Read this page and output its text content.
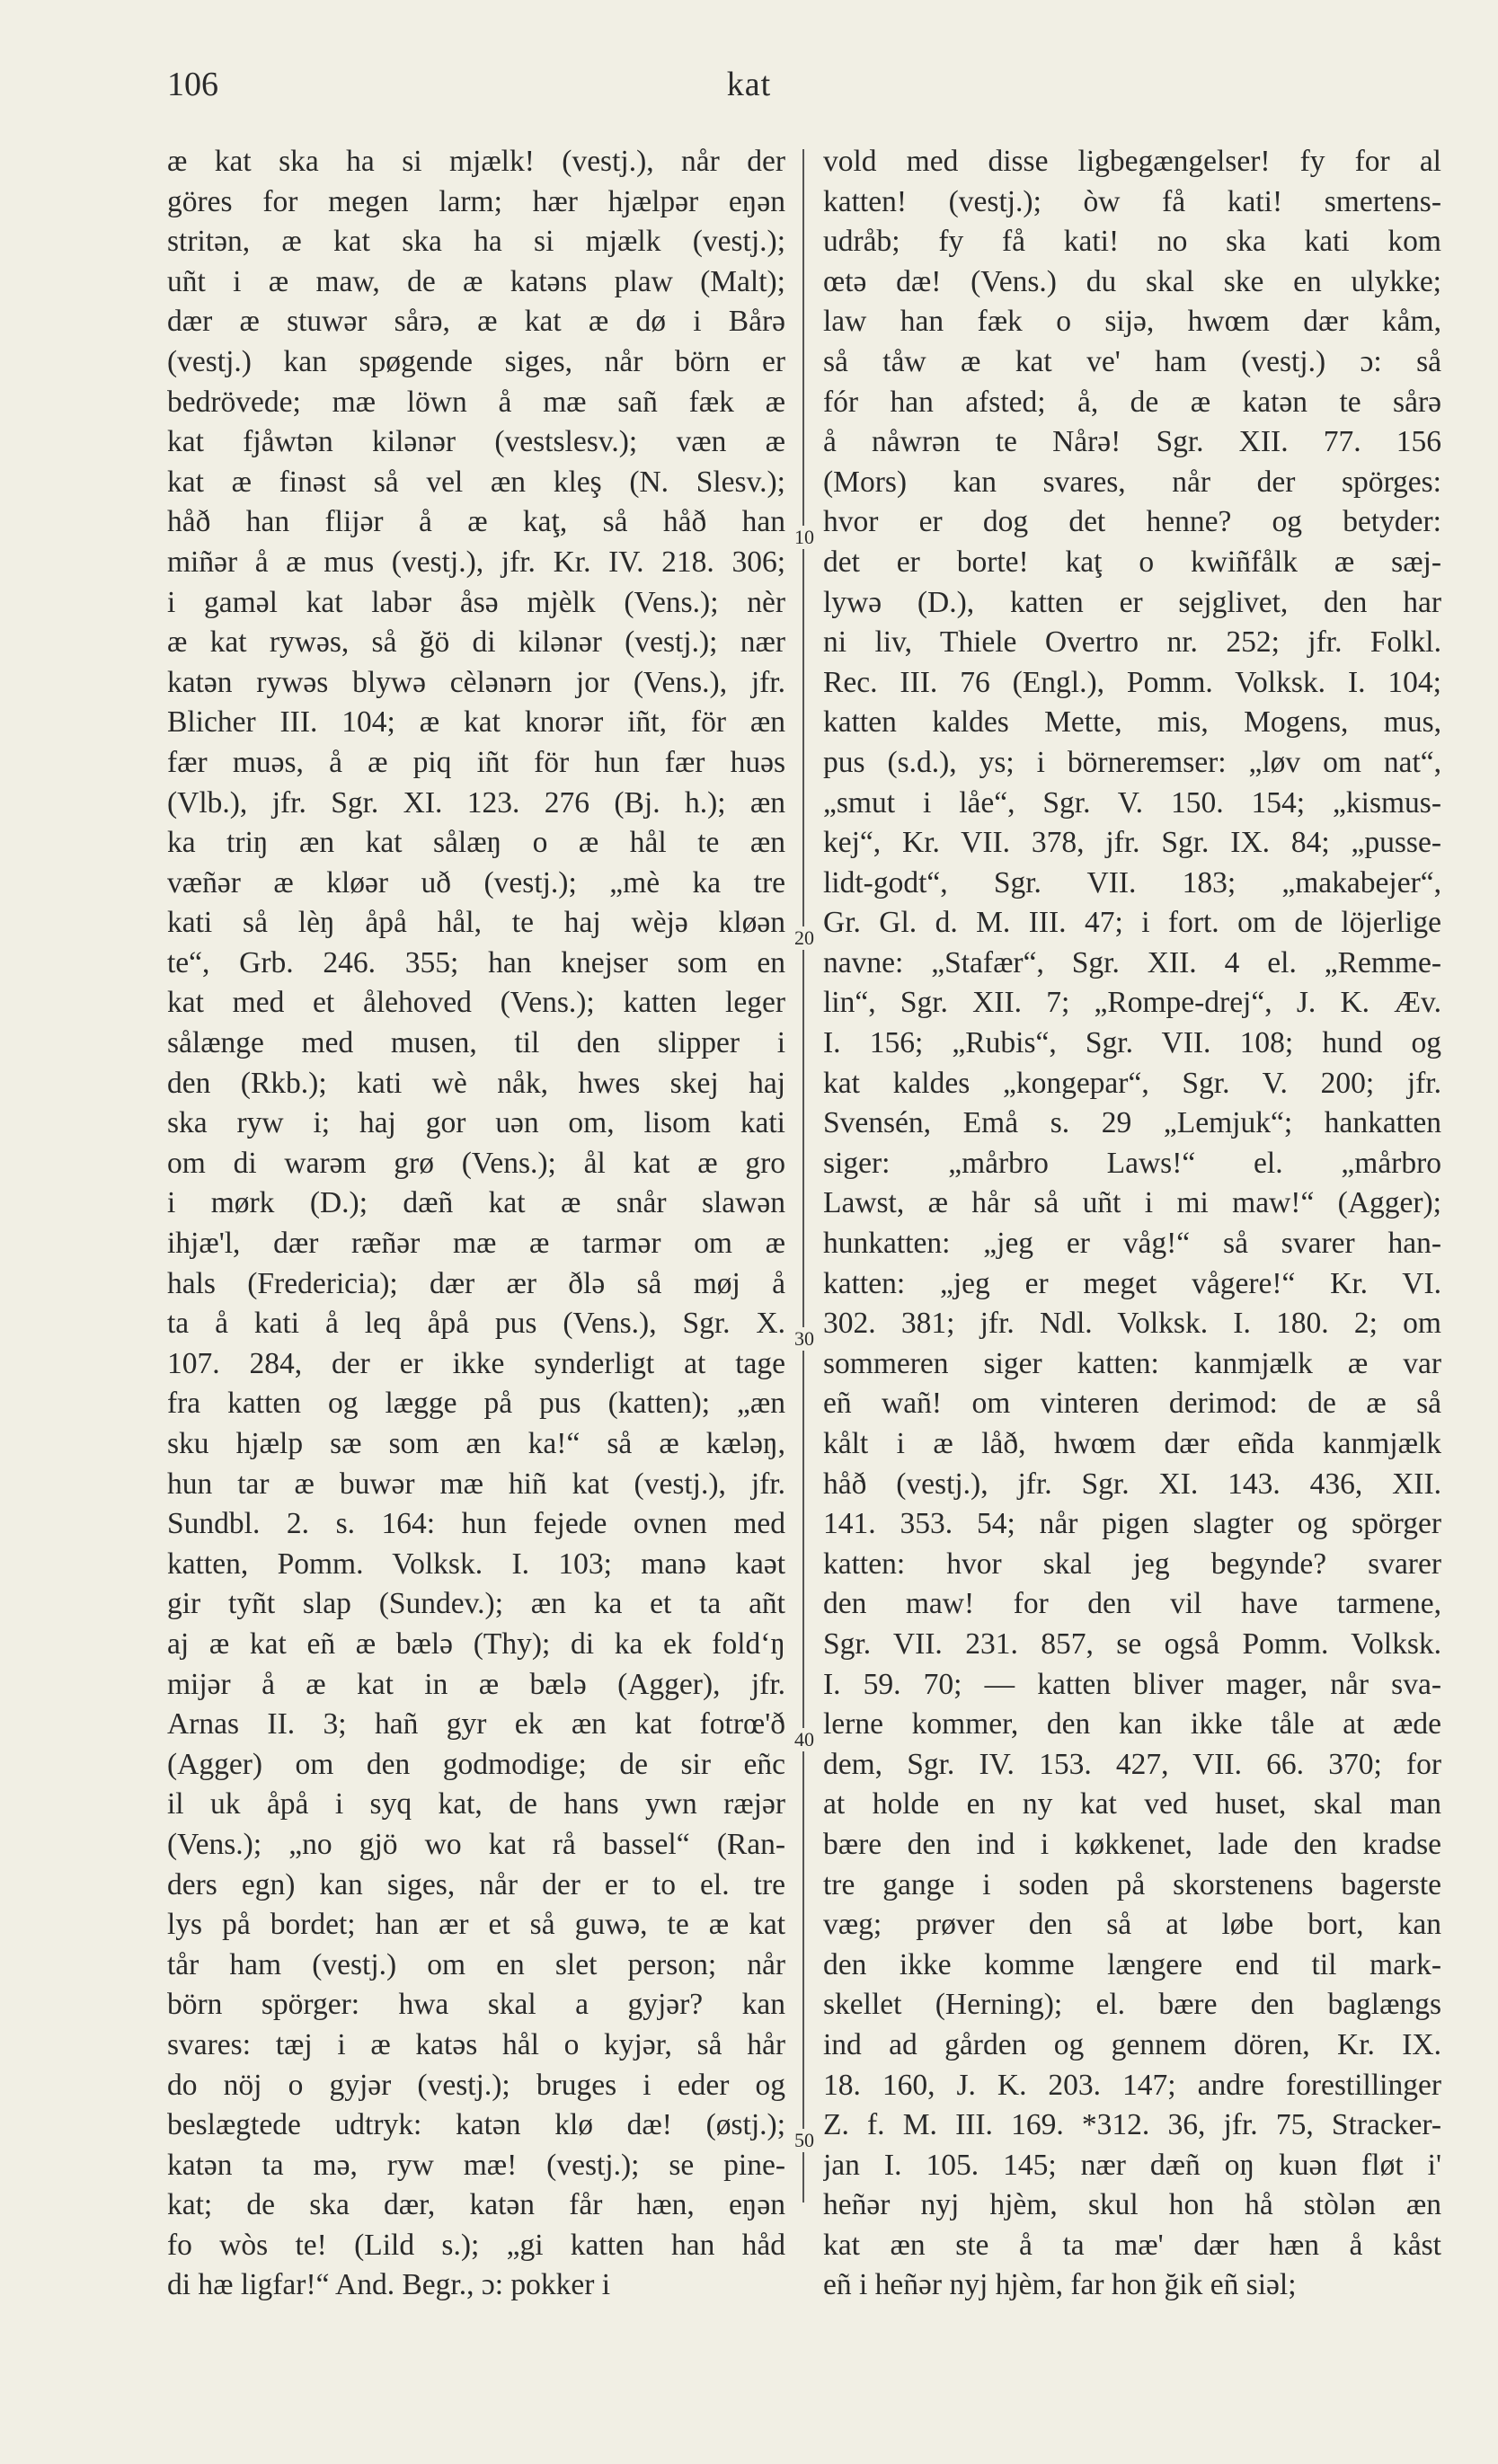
106	kat
æ kat ska ha si mjælk! (vestj.), når der
göres for megen larm; hær hjælpər eŋən
stritən, æ kat ska ha si mjælk (vestj.);
uñt i æ maw, de æ katəns plaw (Malt);
dær æ stuwər sårə, æ kat æ dø i Bårə
(vestj.) kan spøgende siges, når börn er
bedrövede; mæ löwn å mæ sañ fæk æ
kat fjåwtən kilənər (vestslesv.); væn æ
kat æ finəst så vel æn kleş (N. Slesv.);
håð han flijər å æ kaţ, så håð han
miñər å æ mus (vestj.), jfr. Kr. IV. 218. 306;
i gaməl kat labər åsə mjèlk (Vens.); nèr
æ kat rywəs, så ğö di kilənər (vestj.); nær
katən rywəs blywə cèlənərn jor (Vens.), jfr.
Blicher III. 104; æ kat knorər iñt, för æn
fær muəs, å æ piq iñt för hun fær huəs
(Vlb.), jfr. Sgr. XI. 123. 276 (Bj. h.); æn
ka triŋ æn kat sålæŋ o æ hål te æn
væñər æ kløər uð (vestj.); „mè ka tre
kati så lèŋ åpå hål, te haj wèjə kløən
te“, Grb. 246. 355; han knejser som en
kat med et ålehoved (Vens.); katten leger
sålænge med musen, til den slipper i
den (Rkb.); kati wè nåk, hwes skej haj
ska ryw i; haj gor uən om, lisom kati
om di warəm grø (Vens.); ål kat æ gro
i mørk (D.); dæñ kat æ snår slawən
ihjæ'l, dær ræñər mæ æ tarmər om æ
hals (Fredericia); dær ær ðlə så møj å
ta å kati å leq åpå pus (Vens.), Sgr. X.
107. 284, der er ikke synderligt at tage
fra katten og lægge på pus (katten); „æn
sku hjælp sæ som æn ka!“ så æ kæləŋ,
hun tar æ buwər mæ hiñ kat (vestj.), jfr.
Sundbl. 2. s. 164: hun fejede ovnen med
katten, Pomm. Volksk. I. 103; manə kaət
gir tyñt slap (Sundev.); æn ka et ta añt
aj æ kat eñ æ bælə (Thy); di ka ek foldʻŋ
mijər å æ kat in æ bælə (Agger), jfr.
Arnas II. 3; hañ gyr ek æn kat fotrœ'ð
(Agger) om den godmodige; de sir eñc
il uk åpå i syq kat, de hans ywn ræjər
(Vens.); „no gjö wo kat rå bassel“ (Ran-
ders egn) kan siges, når der er to el. tre
lys på bordet; han ær et så guwə, te æ kat
tår ham (vestj.) om en slet person; når
börn spörger: hwa skal a gyjər? kan
svares: tæj i æ katəs hål o kyjər, så hår
do nöj o gyjər (vestj.); bruges i eder og
beslægtede udtryk: katən klø dæ! (østj.);
katən ta mə, ryw mæ! (vestj.); se pine-
kat; de ska dær, katən får hæn, eŋən
fo wòs te! (Lild s.); „gi katten han håd
di hæ ligfar!“ And. Begr., ɔ: pokker i
10
20
30
40
50
vold med disse ligbegængelser! fy for al
katten! (vestj.); òw få kati! smertens-
udråb; fy få kati! no ska kati kom
œtə dæ! (Vens.) du skal ske en ulykke;
law han fæk o sijə, hwœm dær kåm,
så tåw æ kat ve' ham (vestj.) ɔ: så
fór han afsted; å, de æ katən te sårə
å nåwrən te Nårə! Sgr. XII. 77. 156
(Mors) kan svares, når der spörges:
hvor er dog det henne? og betyder:
det er borte! kaţ o kwiñfålk æ sæj-
lywə (D.), katten er sejglivet, den har
ni liv, Thiele Overtro nr. 252; jfr. Folkl.
Rec. III. 76 (Engl.), Pomm. Volksk. I. 104;
katten kaldes Mette, mis, Mogens, mus,
pus (s.d.), ys; i börneremser: „løv om nat“,
„smut i låe“, Sgr. V. 150. 154; „kismus-
kej“, Kr. VII. 378, jfr. Sgr. IX. 84; „pusse-
lidt-godt“, Sgr. VII. 183; „makabejer“,
Gr. Gl. d. M. III. 47; i fort. om de löjerlige
navne: „Stafær“, Sgr. XII. 4 el. „Remme-
lin“, Sgr. XII. 7; „Rompe-drej“, J. K. Æv.
I. 156; „Rubis“, Sgr. VII. 108; hund og
kat kaldes „kongepar“, Sgr. V. 200; jfr.
Svensén, Emå s. 29 „Lemjuk“; hankatten
siger: „mårbro Laws!“ el. „mårbro
Lawst, æ hår så uñt i mi maw!“ (Agger);
hunkatten: „jeg er våg!“ så svarer han-
katten: „jeg er meget vågere!“ Kr. VI.
302. 381; jfr. Ndl. Volksk. I. 180. 2; om
sommeren siger katten: kanmjælk æ var
eñ wañ! om vinteren derimod: de æ så
kålt i æ låð, hwœm dær eñda kanmjælk
håð (vestj.), jfr. Sgr. XI. 143. 436, XII.
141. 353. 54; når pigen slagter og spörger
katten: hvor skal jeg begynde? svarer
den maw! for den vil have tarmene,
Sgr. VII. 231. 857, se også Pomm. Volksk.
I. 59. 70; — katten bliver mager, når sva-
lerne kommer, den kan ikke tåle at æde
dem, Sgr. IV. 153. 427, VII. 66. 370; for
at holde en ny kat ved huset, skal man
bære den ind i køkkenet, lade den kradse
tre gange i soden på skorstenens bagerste
væg; prøver den så at løbe bort, kan
den ikke komme længere end til mark-
skellet (Herning); el. bære den baglængs
ind ad gården og gennem dören, Kr. IX.
18. 160, J. K. 203. 147; andre forestillinger
Z. f. M. III. 169. *312. 36, jfr. 75, Stracker-
jan I. 105. 145; nær dæñ oŋ kuən fløt i'
heñər nyj hjèm, skul hon hå stòlən æn
kat æn ste å ta mæ' dær hæn å kåst
eñ i heñər nyj hjèm, far hon ğik eñ siəl;
